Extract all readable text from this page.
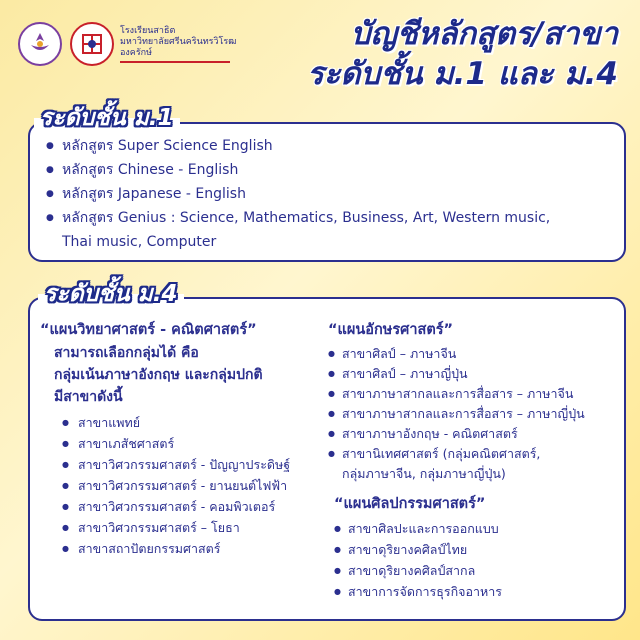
โรงเรียนสาธิต
มหาวิทยาลัยศรีนครินทรวิโรฒ
องครักษ์
บัญชีหลักสูตร/สาขา
ระดับชั้น ม.1 และ ม.4
ระดับชั้น ม.1
● หลักสูตร Super Science English
● หลักสูตร Chinese - English
● หลักสูตร Japanese - English
● หลักสูตร Genius : Science, Mathematics, Business, Art, Western music,
Thai music, Computer
ระดับชั้น ม.4
“แผนวิทยาศาสตร์ - คณิตศาสตร์”
สามารถเลือกกลุ่มได้ คือ
กลุ่มเน้นภาษาอังกฤษ และกลุ่มปกติ
มีสาขาดังนี้
● สาขาแพทย์
● สาขาเภสัชศาสตร์
● สาขาวิศวกรรมศาสตร์ - ปัญญาประดิษฐ์
● สาขาวิศวกรรมศาสตร์ - ยานยนต์ไฟฟ้า
● สาขาวิศวกรรมศาสตร์ - คอมพิวเตอร์
● สาขาวิศวกรรมศาสตร์ – โยธา
● สาขาสถาปัตยกรรมศาสตร์
“แผนอักษรศาสตร์”
● สาขาศิลป์ – ภาษาจีน
● สาขาศิลป์ – ภาษาญี่ปุ่น
● สาขาภาษาสากลและการสื่อสาร – ภาษาจีน
● สาขาภาษาสากลและการสื่อสาร – ภาษาญี่ปุ่น
● สาขาภาษาอังกฤษ - คณิตศาสตร์
● สาขานิเทศศาสตร์ (กลุ่มคณิตศาสตร์,
กลุ่มภาษาจีน, กลุ่มภาษาญี่ปุ่น)
“แผนศิลปกรรมศาสตร์”
● สาขาศิลปะและการออกแบบ
● สาขาดุริยางคศิลป์ไทย
● สาขาดุริยางคศิลป์สากล
● สาขาการจัดการธุรกิจอาหาร
